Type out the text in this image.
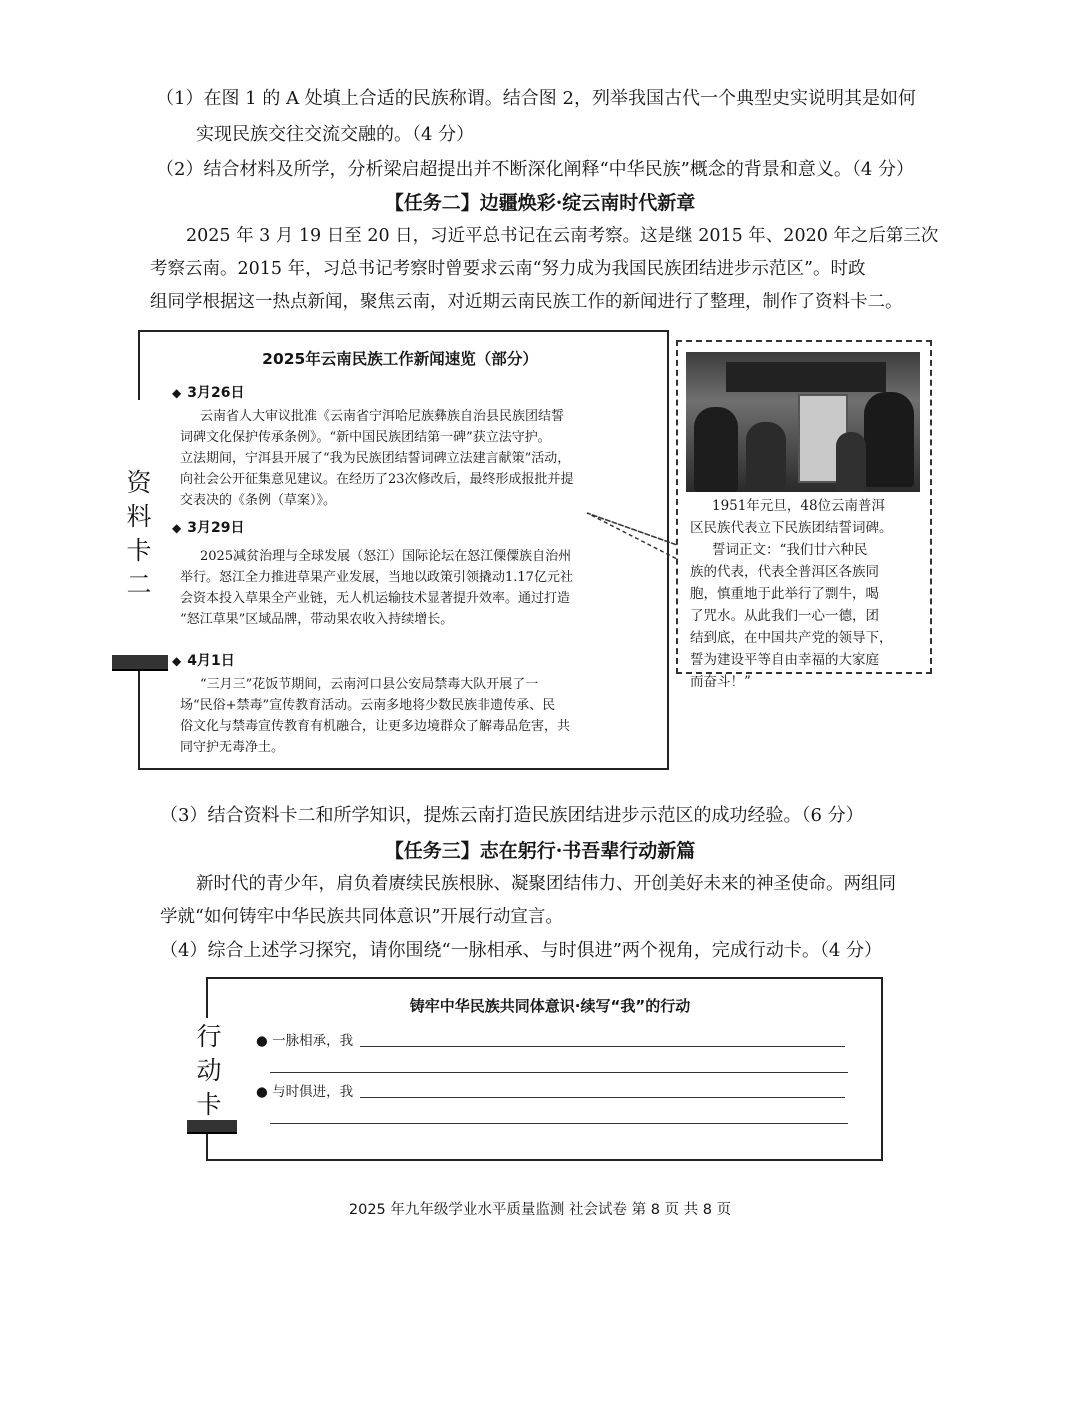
（1）在图 1 的 A 处填上合适的民族称谓。结合图 2，列举我国古代一个典型史实说明其是如何
实现民族交往交流交融的。（4 分）
（2）结合材料及所学，分析梁启超提出并不断深化阐释“中华民族”概念的背景和意义。（4 分）
【任务二】边疆焕彩·绽云南时代新章
2025 年 3 月 19 日至 20 日，习近平总书记在云南考察。这是继 2015 年、2020 年之后第三次
考察云南。2015 年，习总书记考察时曾要求云南“努力成为我国民族团结进步示范区”。时政
组同学根据这一热点新闻，聚焦云南，对近期云南民族工作的新闻进行了整理，制作了资料卡二。
资
料
卡
二
2025年云南民族工作新闻速览（部分）
◆ 3月26日
云南省人大审议批准《云南省宁洱哈尼族彝族自治县民族团结誓
词碑文化保护传承条例》。“新中国民族团结第一碑”获立法守护。
立法期间，宁洱县开展了“我为民族团结誓词碑立法建言献策”活动，
向社会公开征集意见建议。在经历了23次修改后，最终形成报批并提
交表决的《条例（草案）》。
◆ 3月29日
2025减贫治理与全球发展（怒江）国际论坛在怒江傈僳族自治州
举行。怒江全力推进草果产业发展，当地以政策引领撬动1.17亿元社
会资本投入草果全产业链，无人机运输技术显著提升效率。通过打造
“怒江草果”区域品牌，带动果农收入持续增长。
◆ 4月1日
“三月三”花饭节期间，云南河口县公安局禁毒大队开展了一
场“民俗+禁毒”宣传教育活动。云南多地将少数民族非遗传承、民
俗文化与禁毒宣传教育有机融合，让更多边境群众了解毒品危害，共
同守护无毒净土。
1951年元旦，48位云南普洱
区民族代表立下民族团结誓词碑。
誓词正文：“我们廿六种民
族的代表，代表全普洱区各族同
胞，慎重地于此举行了剽牛，喝
了咒水。从此我们一心一德，团
结到底，在中国共产党的领导下，
誓为建设平等自由幸福的大家庭
而奋斗！”
（3）结合资料卡二和所学知识，提炼云南打造民族团结进步示范区的成功经验。（6 分）
【任务三】志在躬行·书吾辈行动新篇
新时代的青少年，肩负着赓续民族根脉、凝聚团结伟力、开创美好未来的神圣使命。两组同
学就“如何铸牢中华民族共同体意识”开展行动宣言。
（4）综合上述学习探究，请你围绕“一脉相承、与时俱进”两个视角，完成行动卡。（4 分）
行
动
卡
铸牢中华民族共同体意识·续写“我”的行动
● 一脉相承，我
● 与时俱进，我
2025 年九年级学业水平质量监测 社会试卷 第 8 页 共 8 页
